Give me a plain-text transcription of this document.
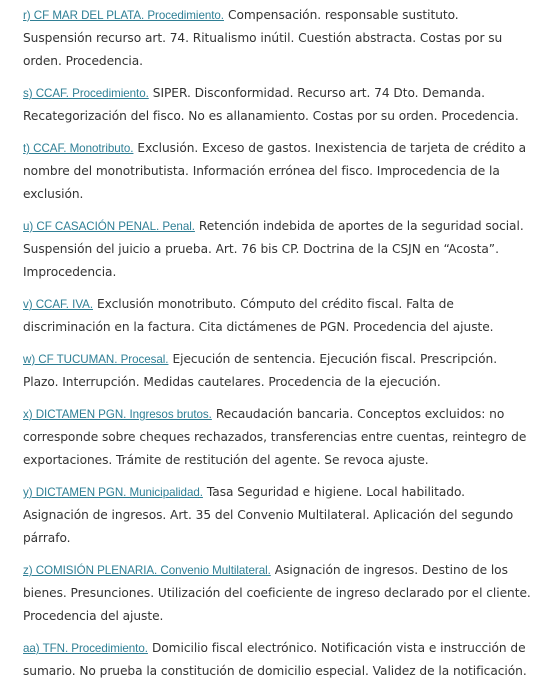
r) CF MAR DEL PLATA. Procedimiento. Compensación. responsable sustituto. Suspensión recurso art. 74. Ritualismo inútil. Cuestión abstracta. Costas por su orden. Procedencia.

s) CCAF. Procedimiento. SIPER. Disconformidad. Recurso art. 74 Dto. Demanda. Recategorización del fisco. No es allanamiento. Costas por su orden. Procedencia.

t) CCAF. Monotributo. Exclusión. Exceso de gastos. Inexistencia de tarjeta de crédito a nombre del monotributista. Información errónea del fisco. Improcedencia de la exclusión.

u) CF CASACIÓN PENAL. Penal. Retención indebida de aportes de la seguridad social. Suspensión del juicio a prueba. Art. 76 bis CP. Doctrina de la CSJN en “Acosta”. Improcedencia.

v) CCAF. IVA. Exclusión monotributo. Cómputo del crédito fiscal. Falta de discriminación en la factura. Cita dictámenes de PGN. Procedencia del ajuste.

w) CF TUCUMAN. Procesal. Ejecución de sentencia. Ejecución fiscal. Prescripción. Plazo. Interrupción. Medidas cautelares. Procedencia de la ejecución.

x) DICTAMEN PGN. Ingresos brutos. Recaudación bancaria. Conceptos excluidos: no corresponde sobre cheques rechazados, transferencias entre cuentas, reintegro de exportaciones. Trámite de restitución del agente. Se revoca ajuste.

y) DICTAMEN PGN. Municipalidad. Tasa Seguridad e higiene. Local habilitado. Asignación de ingresos. Art. 35 del Convenio Multilateral. Aplicación del segundo párrafo.

z) COMISIÓN PLENARIA. Convenio Multilateral. Asignación de ingresos. Destino de los bienes. Presunciones. Utilización del coeficiente de ingreso declarado por el cliente. Procedencia del ajuste.

aa) TFN. Procedimiento. Domicilio fiscal electrónico. Notificación vista e instrucción de sumario. No prueba la constitución de domicilio especial. Validez de la notificación.
